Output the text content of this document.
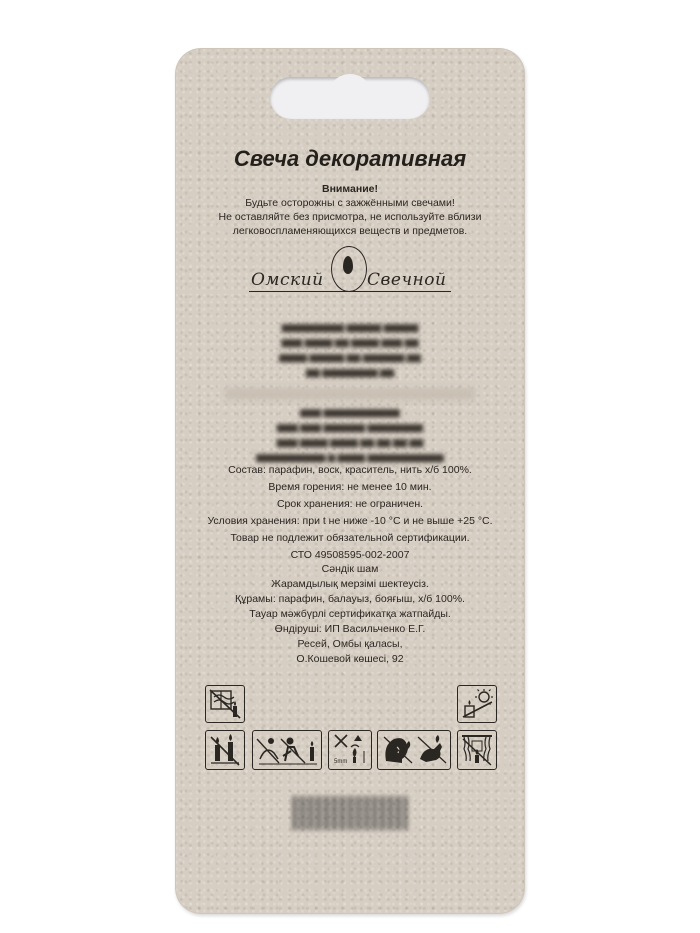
Свеча декоративная
Внимание!
Будьте осторожны с зажжёнными свечами!
Не оставляйте без присмотра, не используйте вблизи
легковоспламеняющихся веществ и предметов.
Омский	Свечной
▆▆▆▆▆▆▆▆▆ ▆▆▆▆▆ ▆▆▆▆▆
▆▆▆ ▆▆▆▆ ▆▆ ▆▆▆▆ ▆▆▆ ▆▆
▆▆▆▆ ▆▆▆▆▆ ▆▆ ▆▆▆▆▆▆ ▆▆
▆▆ ▆▆▆▆▆▆▆▆ ▆▆
▆▆▆ ▆▆▆▆▆▆▆▆▆▆▆
▆▆▆ ▆▆▆ ▆▆▆▆▆▆ ▆▆▆▆▆▆▆▆
▆▆▆ ▆▆▆▆ ▆▆▆▆ ▆▆ ▆▆ ▆▆ ▆▆
▆▆▆▆▆▆▆▆▆▆ ▆ ▆▆▆▆ ▆▆▆▆▆▆▆▆▆▆▆
Состав: парафин, воск, краситель, нить х/б 100%.
Время горения: не менее 10 мин.
Срок хранения: не ограничен.
Условия хранения: при t не ниже -10 °С и не выше +25 °С.
Товар не подлежит обязательной сертификации.
СТО 49508595-002-2007
Сәндік шам
Жарамдылық мерзімі шектеусіз.
Құрамы: парафин, балауыз, бояғыш, х/б 100%.
Тауар мәжбүрлі сертификатқа жатпайды.
Өндіруші: ИП Васильченко Е.Г.
Ресей, Омбы қаласы,
О.Кошевой көшесі, 92
5mm
